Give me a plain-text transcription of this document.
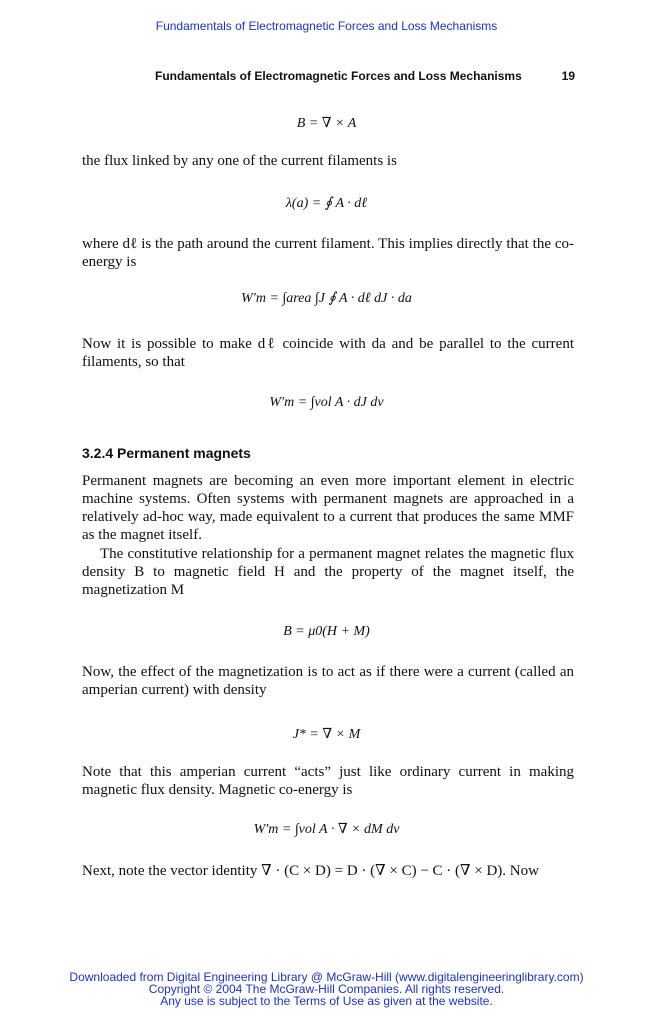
Fundamentals of Electromagnetic Forces and Loss Mechanisms
Fundamentals of Electromagnetic Forces and Loss Mechanisms	19
B = ∇ × A
the flux linked by any one of the current filaments is
λ(a) = ∮ A · dℓ
where dℓ is the path around the current filament. This implies directly that the co-energy is
W′m = ∫area ∫J ∮ A · dℓ dJ · da
Now it is possible to make dℓ coincide with da and be parallel to the current filaments, so that
W′m = ∫vol A · dJ dv
3.2.4 Permanent magnets
Permanent magnets are becoming an even more important element in electric machine systems. Often systems with permanent magnets are approached in a relatively ad-hoc way, made equivalent to a current that produces the same MMF as the magnet itself.
The constitutive relationship for a permanent magnet relates the magnetic flux density B to magnetic field H and the property of the magnet itself, the magnetization M
B = μ0(H + M)
Now, the effect of the magnetization is to act as if there were a current (called an amperian current) with density
J* = ∇ × M
Note that this amperian current “acts” just like ordinary current in making magnetic flux density. Magnetic co-energy is
W′m = ∫vol A · ∇ × dM dv
Next, note the vector identity ∇ · (C × D) = D · (∇ × C) − C · (∇ × D). Now
Downloaded from Digital Engineering Library @ McGraw-Hill (www.digitalengineeringlibrary.com)
Copyright © 2004 The McGraw-Hill Companies. All rights reserved.
Any use is subject to the Terms of Use as given at the website.
